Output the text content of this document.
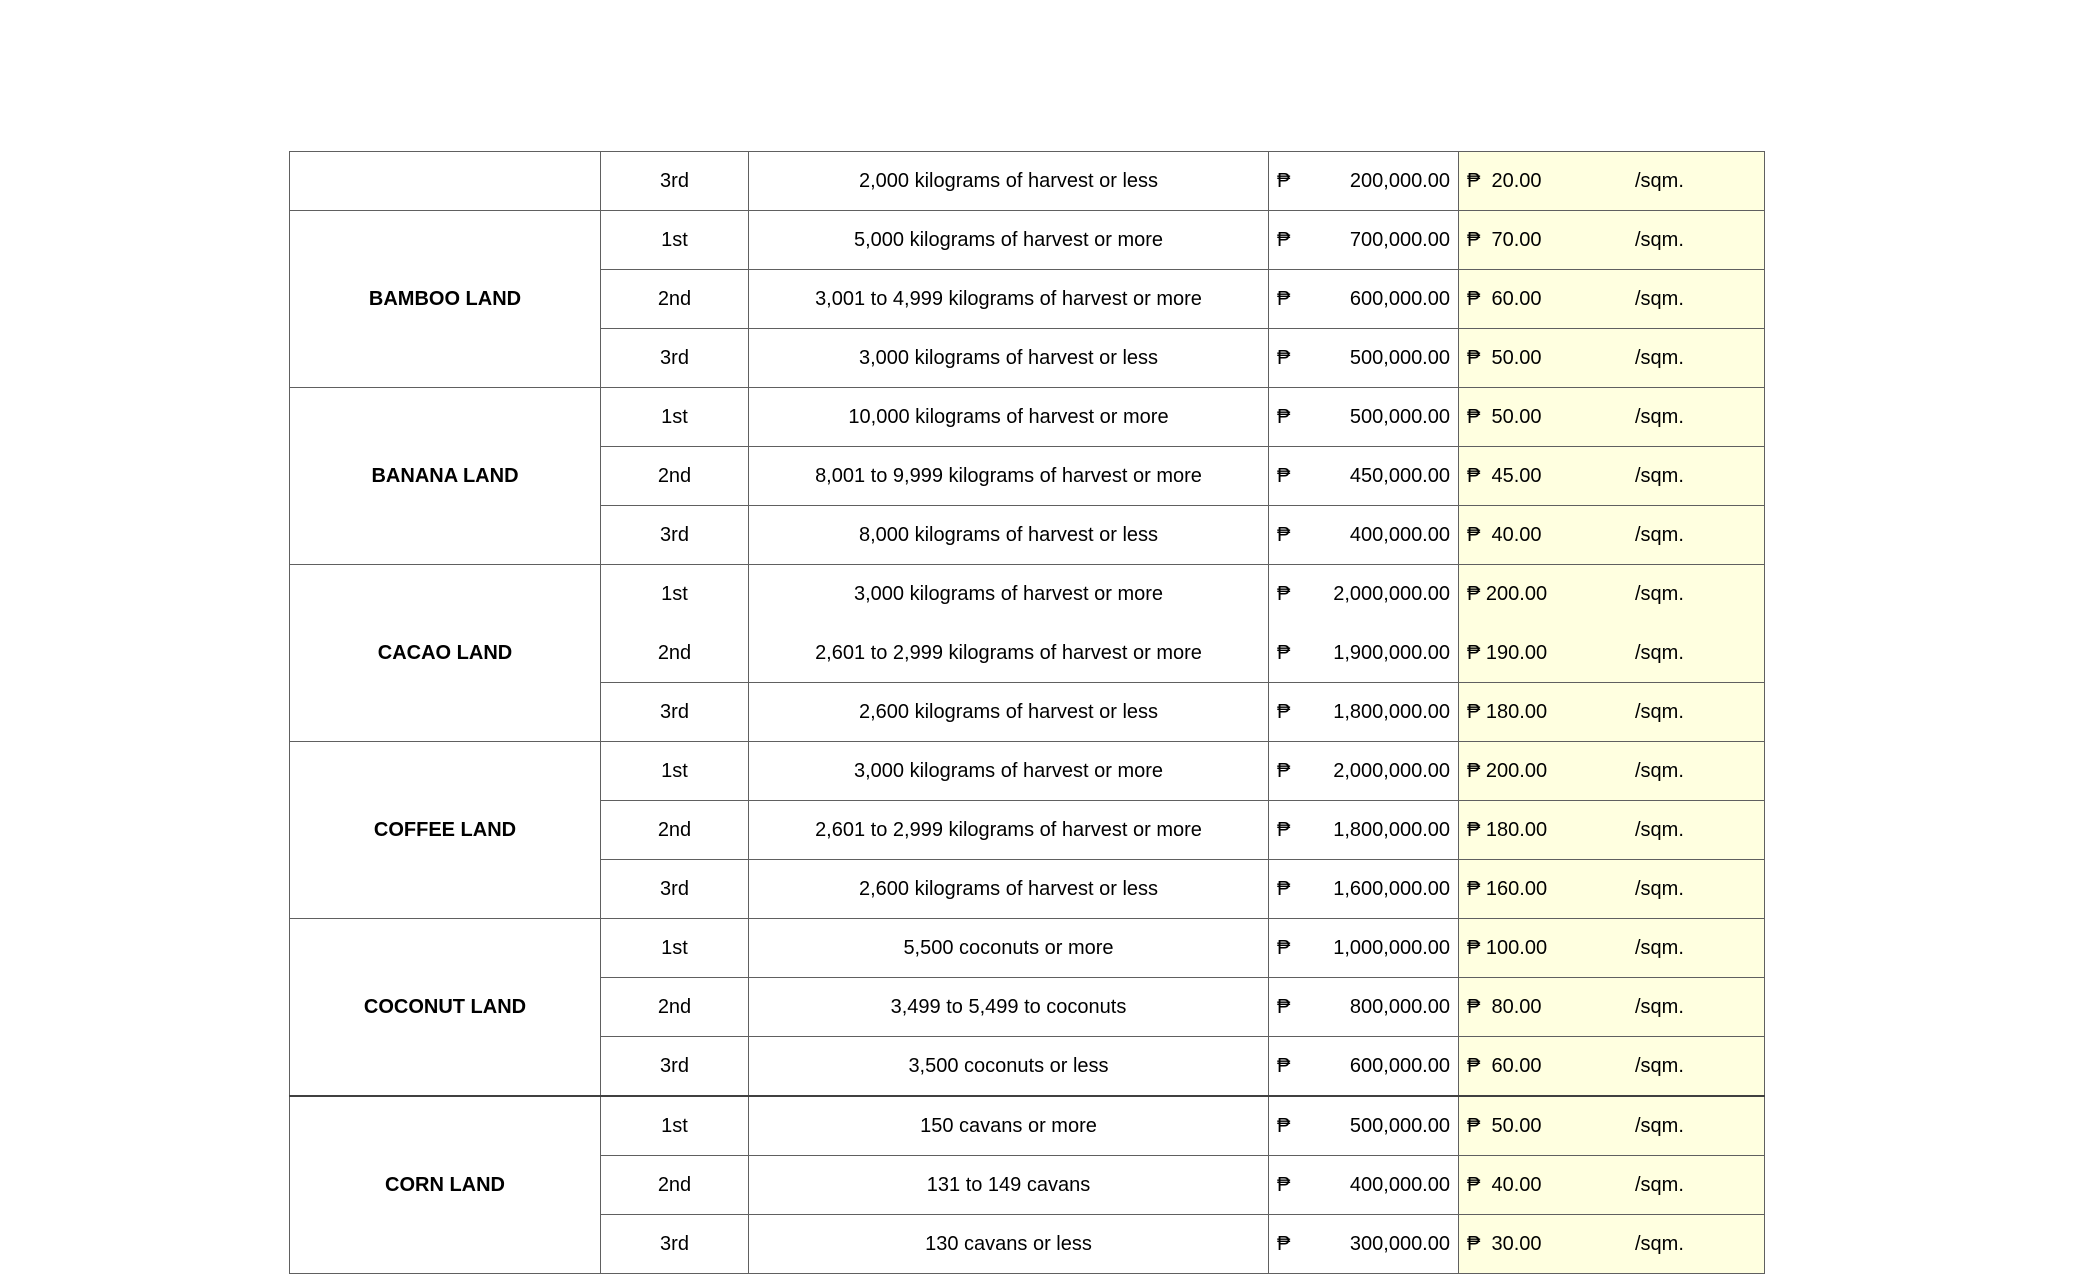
	3rd	2,000 kilograms of harvest or less	₱ 200,000.00	₱  20.00 /sqm.

BAMBOO LAND	1st	5,000 kilograms of harvest or more	₱ 700,000.00	₱  70.00 /sqm.

	2nd	3,001 to 4,999 kilograms of harvest or more	₱ 600,000.00	₱  60.00 /sqm.

	3rd	3,000 kilograms of harvest or less	₱ 500,000.00	₱  50.00 /sqm.

BANANA LAND	1st	10,000 kilograms of harvest or more	₱ 500,000.00	₱  50.00 /sqm.

	2nd	8,001 to 9,999 kilograms of harvest or more	₱ 450,000.00	₱  45.00 /sqm.

	3rd	8,000 kilograms of harvest or less	₱ 400,000.00	₱  40.00 /sqm.

CACAO LAND	1st	3,000 kilograms of harvest or more	₱ 2,000,000.00	₱ 200.00 /sqm.

	2nd	2,601 to 2,999 kilograms of harvest or more	₱ 1,900,000.00	₱ 190.00 /sqm.

	3rd	2,600 kilograms of harvest or less	₱ 1,800,000.00	₱ 180.00 /sqm.

COFFEE LAND	1st	3,000 kilograms of harvest or more	₱ 2,000,000.00	₱ 200.00 /sqm.

	2nd	2,601 to 2,999 kilograms of harvest or more	₱ 1,800,000.00	₱ 180.00 /sqm.

	3rd	2,600 kilograms of harvest or less	₱ 1,600,000.00	₱ 160.00 /sqm.

COCONUT LAND	1st	5,500 coconuts or more	₱ 1,000,000.00	₱ 100.00 /sqm.

	2nd	3,499 to 5,499 to coconuts	₱ 800,000.00	₱  80.00 /sqm.

	3rd	3,500 coconuts or less	₱ 600,000.00	₱  60.00 /sqm.

CORN LAND	1st	150 cavans or more	₱ 500,000.00	₱  50.00 /sqm.

	2nd	131 to 149 cavans	₱ 400,000.00	₱  40.00 /sqm.

	3rd	130 cavans or less	₱ 300,000.00	₱  30.00 /sqm.
